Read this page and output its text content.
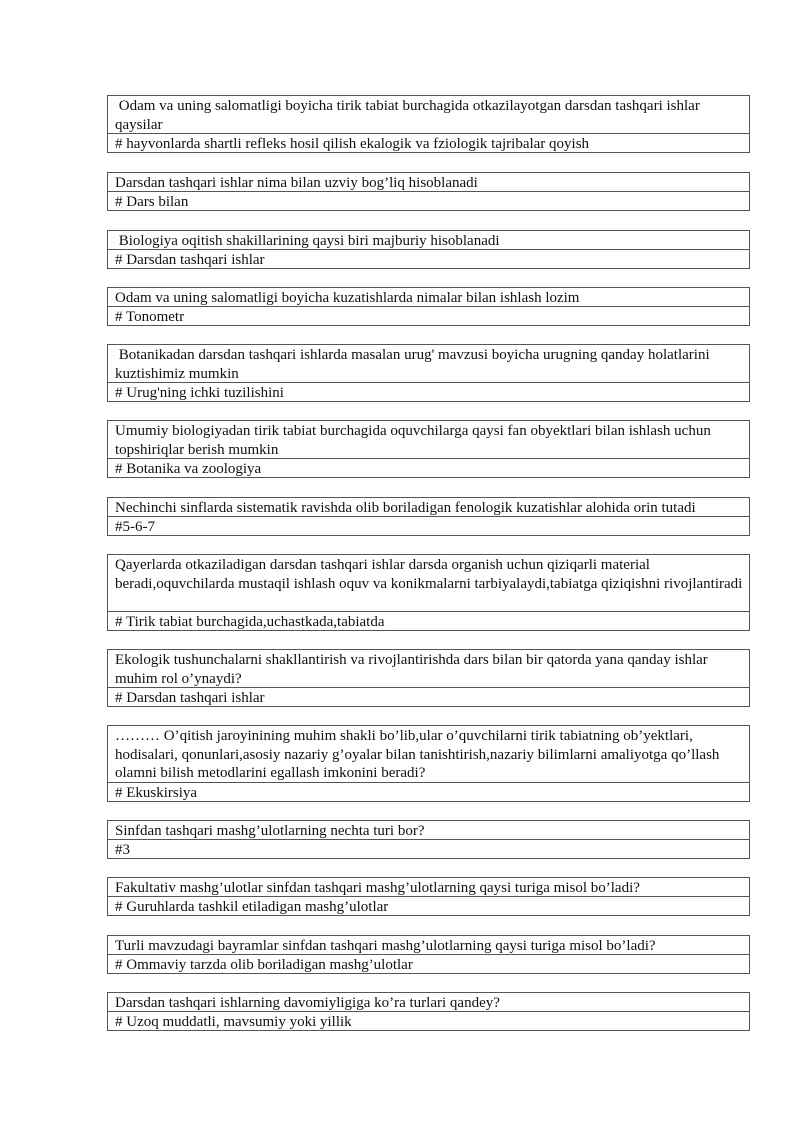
Odam va uning salomatligi boyicha tirik tabiat burchagida otkazilayotgan darsdan tashqari ishlar qaysilar
# hayvonlarda shartli refleks hosil qilish ekalogik va fziologik tajribalar qoyish
Darsdan tashqari ishlar nima bilan uzviy bog’liq hisoblanadi
# Dars bilan
Biologiya oqitish shakillarining qaysi biri majburiy hisoblanadi
# Darsdan tashqari ishlar
Odam va uning salomatligi boyicha kuzatishlarda nimalar bilan ishlash lozim
# Tonometr
Botanikadan darsdan tashqari ishlarda masalan urug' mavzusi boyicha urugning qanday holatlarini kuztishimiz mumkin
# Urug'ning ichki tuzilishini
Umumiy biologiyadan tirik tabiat burchagida oquvchilarga qaysi fan obyektlari bilan ishlash uchun topshiriqlar berish mumkin
# Botanika va zoologiya
Nechinchi sinflarda sistematik ravishda olib boriladigan fenologik kuzatishlar alohida orin tutadi
#5-6-7
Qayerlarda otkaziladigan darsdan tashqari ishlar darsda organish uchun qiziqarli material beradi,oquvchilarda mustaqil ishlash oquv va konikmalarni tarbiyalaydi,tabiatga qiziqishni rivojlantiradi
# Tirik tabiat burchagida,uchastkada,tabiatda
Ekologik tushunchalarni shakllantirish va rivojlantirishda dars bilan bir qatorda yana qanday ishlar muhim rol o’ynaydi?
# Darsdan tashqari ishlar
……… O’qitish jaroyinining muhim shakli bo’lib,ular o’quvchilarni tirik tabiatning ob’yektlari, hodisalari, qonunlari,asosiy nazariy g’oyalar bilan tanishtirish,nazariy bilimlarni amaliyotga qo’llash olamni bilish metodlarini egallash imkonini beradi?
# Ekuskirsiya
Sinfdan tashqari mashg’ulotlarning nechta turi bor?
#3
Fakultativ mashg’ulotlar sinfdan tashqari mashg’ulotlarning qaysi turiga misol bo’ladi?
# Guruhlarda tashkil etiladigan mashg’ulotlar
Turli mavzudagi bayramlar sinfdan tashqari mashg’ulotlarning qaysi turiga misol bo’ladi?
# Ommaviy tarzda olib boriladigan mashg’ulotlar
Darsdan tashqari ishlarning davomiyligiga ko’ra turlari qandey?
# Uzoq muddatli, mavsumiy yoki yillik
